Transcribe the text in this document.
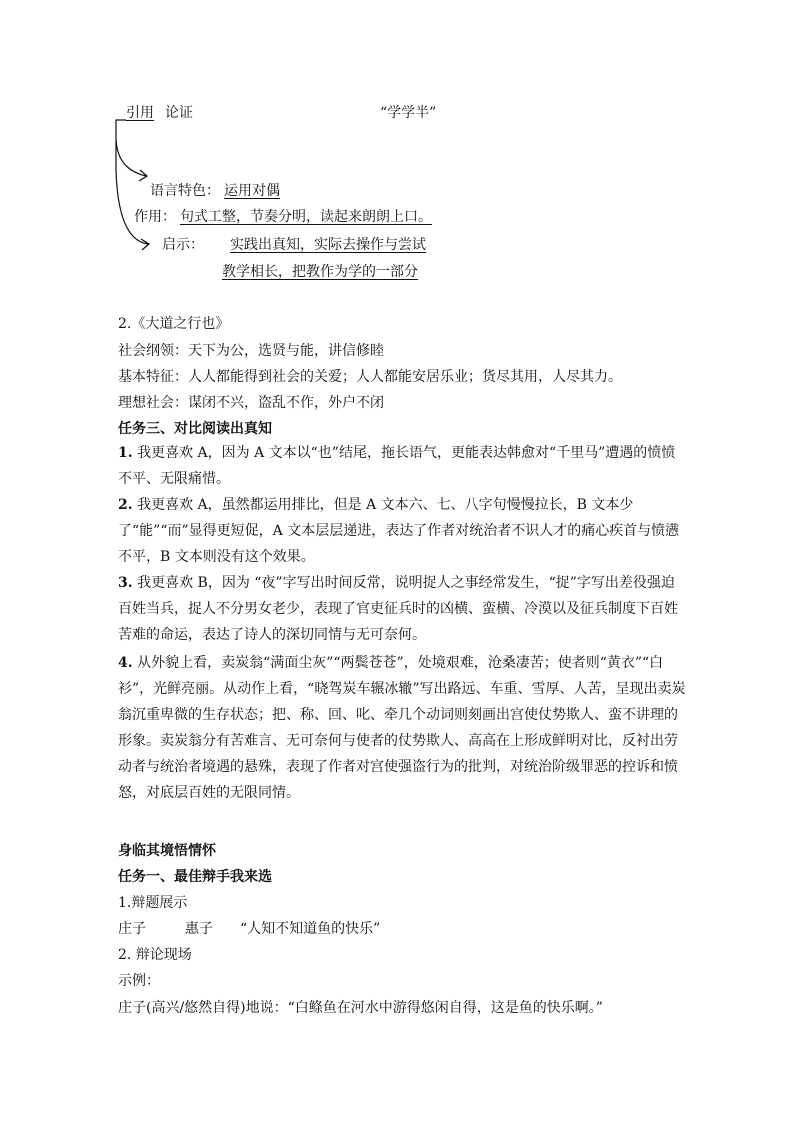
引用 论证	“学学半”
语言特色： 运用对偶
作用： 句式工整，节奏分明，读起来朗朗上口。
启示： 实践出真知，实际去操作与尝试
教学相长，把教作为学的一部分
2.《大道之行也》
社会纲领：天下为公，选贤与能，讲信修睦
基本特征：人人都能得到社会的关爱；人人都能安居乐业；货尽其用，人尽其力。
理想社会：谋闭不兴，盗乱不作，外户不闭
任务三、对比阅读出真知
1. 我更喜欢 A，因为 A 文本以“也”结尾，拖长语气，更能表达韩愈对“千里马”遭遇的愤愤不平、无限痛惜。
2. 我更喜欢 A，虽然都运用排比，但是 A 文本六、七、八字句慢慢拉长，B 文本少了“能”“而”显得更短促，A 文本层层递进，表达了作者对统治者不识人才的痛心疾首与愤懑不平，B 文本则没有这个效果。
3. 我更喜欢 B，因为 “夜”字写出时间反常，说明捉人之事经常发生，“捉”字写出差役强迫百姓当兵，捉人不分男女老少，表现了官吏征兵时的凶横、蛮横、冷漠以及征兵制度下百姓苦难的命运，表达了诗人的深切同情与无可奈何。
4. 从外貌上看，卖炭翁“满面尘灰”“两鬓苍苍”，处境艰难，沧桑凄苦；使者则“黄衣”“白衫”，光鲜亮丽。从动作上看，“晓驾炭车辗冰辙”写出路远、车重、雪厚、人苦，呈现出卖炭翁沉重卑微的生存状态；把、称、回、叱、牵几个动词则刻画出宫使仗势欺人、蛮不讲理的形象。卖炭翁分有苦难言、无可奈何与使者的仗势欺人、高高在上形成鲜明对比，反衬出劳动者与统治者境遇的悬殊，表现了作者对宫使强盗行为的批判，对统治阶级罪恶的控诉和愤怒，对底层百姓的无限同情。
身临其境悟情怀
任务一、最佳辩手我来选
1.辩题展示
庄子	惠子 “人知不知道鱼的快乐”
2. 辩论现场
示例：
庄子(高兴/悠然自得)地说：“白鲦鱼在河水中游得悠闲自得，这是鱼的快乐啊。”
